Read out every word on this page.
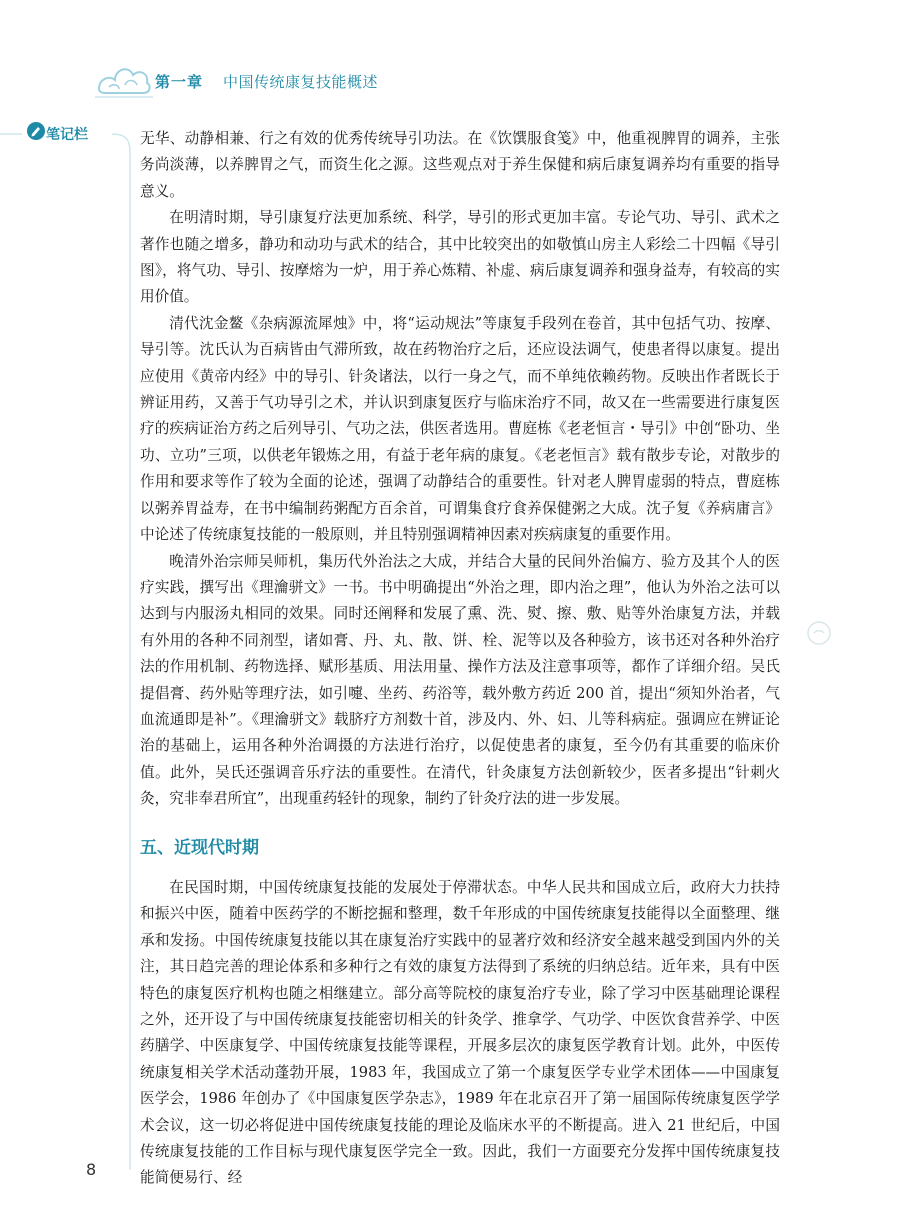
第一章 中国传统康复技能概述
笔记栏	无华、动静相兼、行之有效的优秀传统导引功法。在《饮馔服食笺》中，他重视脾胃的调养，主张务尚淡薄，以养脾胃之气，而资生化之源。这些观点对于养生保健和病后康复调养均有重要的指导意义。

在明清时期，导引康复疗法更加系统、科学，导引的形式更加丰富。专论气功、导引、武术之著作也随之增多，静功和动功与武术的结合，其中比较突出的如敬慎山房主人彩绘二十四幅《导引图》，将气功、导引、按摩熔为一炉，用于养心炼精、补虚、病后康复调养和强身益寿，有较高的实用价值。

清代沈金鳌《杂病源流犀烛》中，将“运动规法”等康复手段列在卷首，其中包括气功、按摩、导引等。沈氏认为百病皆由气滞所致，故在药物治疗之后，还应设法调气，使患者得以康复。提出应使用《黄帝内经》中的导引、针灸诸法，以行一身之气，而不单纯依赖药物。反映出作者既长于辨证用药，又善于气功导引之术，并认识到康复医疗与临床治疗不同，故又在一些需要进行康复医疗的疾病证治方药之后列导引、气功之法，供医者选用。曹庭栋《老老恒言・导引》中创“卧功、坐功、立功”三项，以供老年锻炼之用，有益于老年病的康复。《老老恒言》载有散步专论，对散步的作用和要求等作了较为全面的论述，强调了动静结合的重要性。针对老人脾胃虚弱的特点，曹庭栋以粥养胃益寿，在书中编制药粥配方百余首，可谓集食疗食养保健粥之大成。沈子复《养病庸言》中论述了传统康复技能的一般原则，并且特别强调精神因素对疾病康复的重要作用。

晚清外治宗师吴师机，集历代外治法之大成，并结合大量的民间外治偏方、验方及其个人的医疗实践，撰写出《理瀹骈文》一书。书中明确提出“外治之理，即内治之理”，他认为外治之法可以达到与内服汤丸相同的效果。同时还阐释和发展了熏、洗、熨、擦、敷、贴等外治康复方法，并载有外用的各种不同剂型，诸如膏、丹、丸、散、饼、栓、泥等以及各种验方，该书还对各种外治疗法的作用机制、药物选择、赋形基质、用法用量、操作方法及注意事项等，都作了详细介绍。吴氏提倡膏、药外贴等理疗法，如引嚏、坐药、药浴等，载外敷方药近 200 首，提出“须知外治者，气血流通即是补”。《理瀹骈文》载脐疗方剂数十首，涉及内、外、妇、儿等科病症。强调应在辨证论治的基础上，运用各种外治调摄的方法进行治疗，以促使患者的康复，至今仍有其重要的临床价值。此外，吴氏还强调音乐疗法的重要性。在清代，针灸康复方法创新较少，医者多提出“针刺火灸，究非奉君所宜”，出现重药轻针的现象，制约了针灸疗法的进一步发展。

五、近现代时期

在民国时期，中国传统康复技能的发展处于停滞状态。中华人民共和国成立后，政府大力扶持和振兴中医，随着中医药学的不断挖掘和整理，数千年形成的中国传统康复技能得以全面整理、继承和发扬。中国传统康复技能以其在康复治疗实践中的显著疗效和经济安全越来越受到国内外的关注，其日趋完善的理论体系和多种行之有效的康复方法得到了系统的归纳总结。近年来，具有中医特色的康复医疗机构也随之相继建立。部分高等院校的康复治疗专业，除了学习中医基础理论课程之外，还开设了与中国传统康复技能密切相关的针灸学、推拿学、气功学、中医饮食营养学、中医药膳学、中医康复学、中国传统康复技能等课程，开展多层次的康复医学教育计划。此外，中医传统康复相关学术活动蓬勃开展，1983 年，我国成立了第一个康复医学专业学术团体——中国康复医学会，1986 年创办了《中国康复医学杂志》，1989 年在北京召开了第一届国际传统康复医学学术会议，这一切必将促进中国传统康复技能的理论及临床水平的不断提高。进入 21 世纪后，中国传统康复技能的工作目标与现代康复医学完全一致。因此，我们一方面要充分发挥中国传统康复技能简便易行、经

8
